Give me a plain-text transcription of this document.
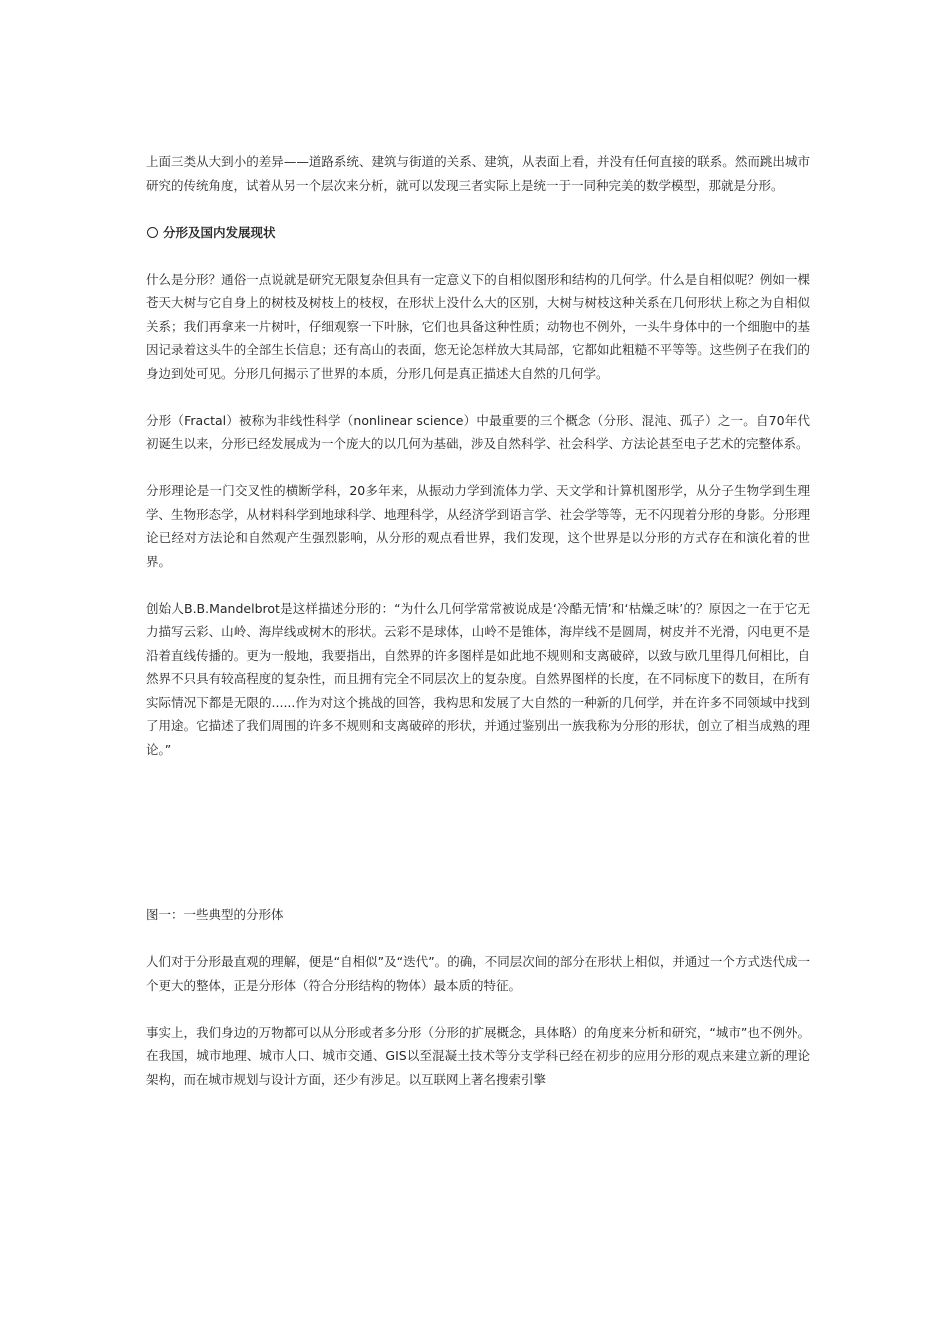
上面三类从大到小的差异——道路系统、建筑与街道的关系、建筑，从表面上看，并没有任何直接的联系。然而跳出城市研究的传统角度，试着从另一个层次来分析，就可以发现三者实际上是统一于一同种完美的数学模型，那就是分形。

分形及国内发展现状

什么是分形？通俗一点说就是研究无限复杂但具有一定意义下的自相似图形和结构的几何学。什么是自相似呢？例如一棵苍天大树与它自身上的树枝及树枝上的枝杈，在形状上没什么大的区别，大树与树枝这种关系在几何形状上称之为自相似关系；我们再拿来一片树叶，仔细观察一下叶脉，它们也具备这种性质；动物也不例外，一头牛身体中的一个细胞中的基因记录着这头牛的全部生长信息；还有高山的表面，您无论怎样放大其局部，它都如此粗糙不平等等。这些例子在我们的身边到处可见。分形几何揭示了世界的本质，分形几何是真正描述大自然的几何学。

分形（Fractal）被称为非线性科学（nonlinear science）中最重要的三个概念（分形、混沌、孤子）之一。自70年代初诞生以来，分形已经发展成为一个庞大的以几何为基础，涉及自然科学、社会科学、方法论甚至电子艺术的完整体系。

分形理论是一门交叉性的横断学科，20多年来，从振动力学到流体力学、天文学和计算机图形学，从分子生物学到生理学、生物形态学，从材料科学到地球科学、地理科学，从经济学到语言学、社会学等等，无不闪现着分形的身影。分形理论已经对方法论和自然观产生强烈影响，从分形的观点看世界，我们发现，这个世界是以分形的方式存在和演化着的世界。

创始人B.B.Mandelbrot是这样描述分形的：“为什么几何学常常被说成是‘冷酷无情’和‘枯燥乏味’的？原因之一在于它无力描写云彩、山岭、海岸线或树木的形状。云彩不是球体，山岭不是锥体，海岸线不是圆周，树皮并不光滑，闪电更不是沿着直线传播的。更为一般地，我要指出，自然界的许多图样是如此地不规则和支离破碎，以致与欧几里得几何相比，自然界不只具有较高程度的复杂性，而且拥有完全不同层次上的复杂度。自然界图样的长度，在不同标度下的数目，在所有实际情况下都是无限的......作为对这个挑战的回答，我构思和发展了大自然的一种新的几何学，并在许多不同领域中找到了用途。它描述了我们周围的许多不规则和支离破碎的形状，并通过鉴别出一族我称为分形的形状，创立了相当成熟的理论。”

图一：一些典型的分形体

人们对于分形最直观的理解，便是“自相似”及“迭代”。的确，不同层次间的部分在形状上相似，并通过一个方式迭代成一个更大的整体，正是分形体（符合分形结构的物体）最本质的特征。

事实上，我们身边的万物都可以从分形或者多分形（分形的扩展概念，具体略）的角度来分析和研究，“城市”也不例外。在我国，城市地理、城市人口、城市交通、GIS以至混凝土技术等分支学科已经在初步的应用分形的观点来建立新的理论架构，而在城市规划与设计方面，还少有涉足。以互联网上著名搜索引擎
